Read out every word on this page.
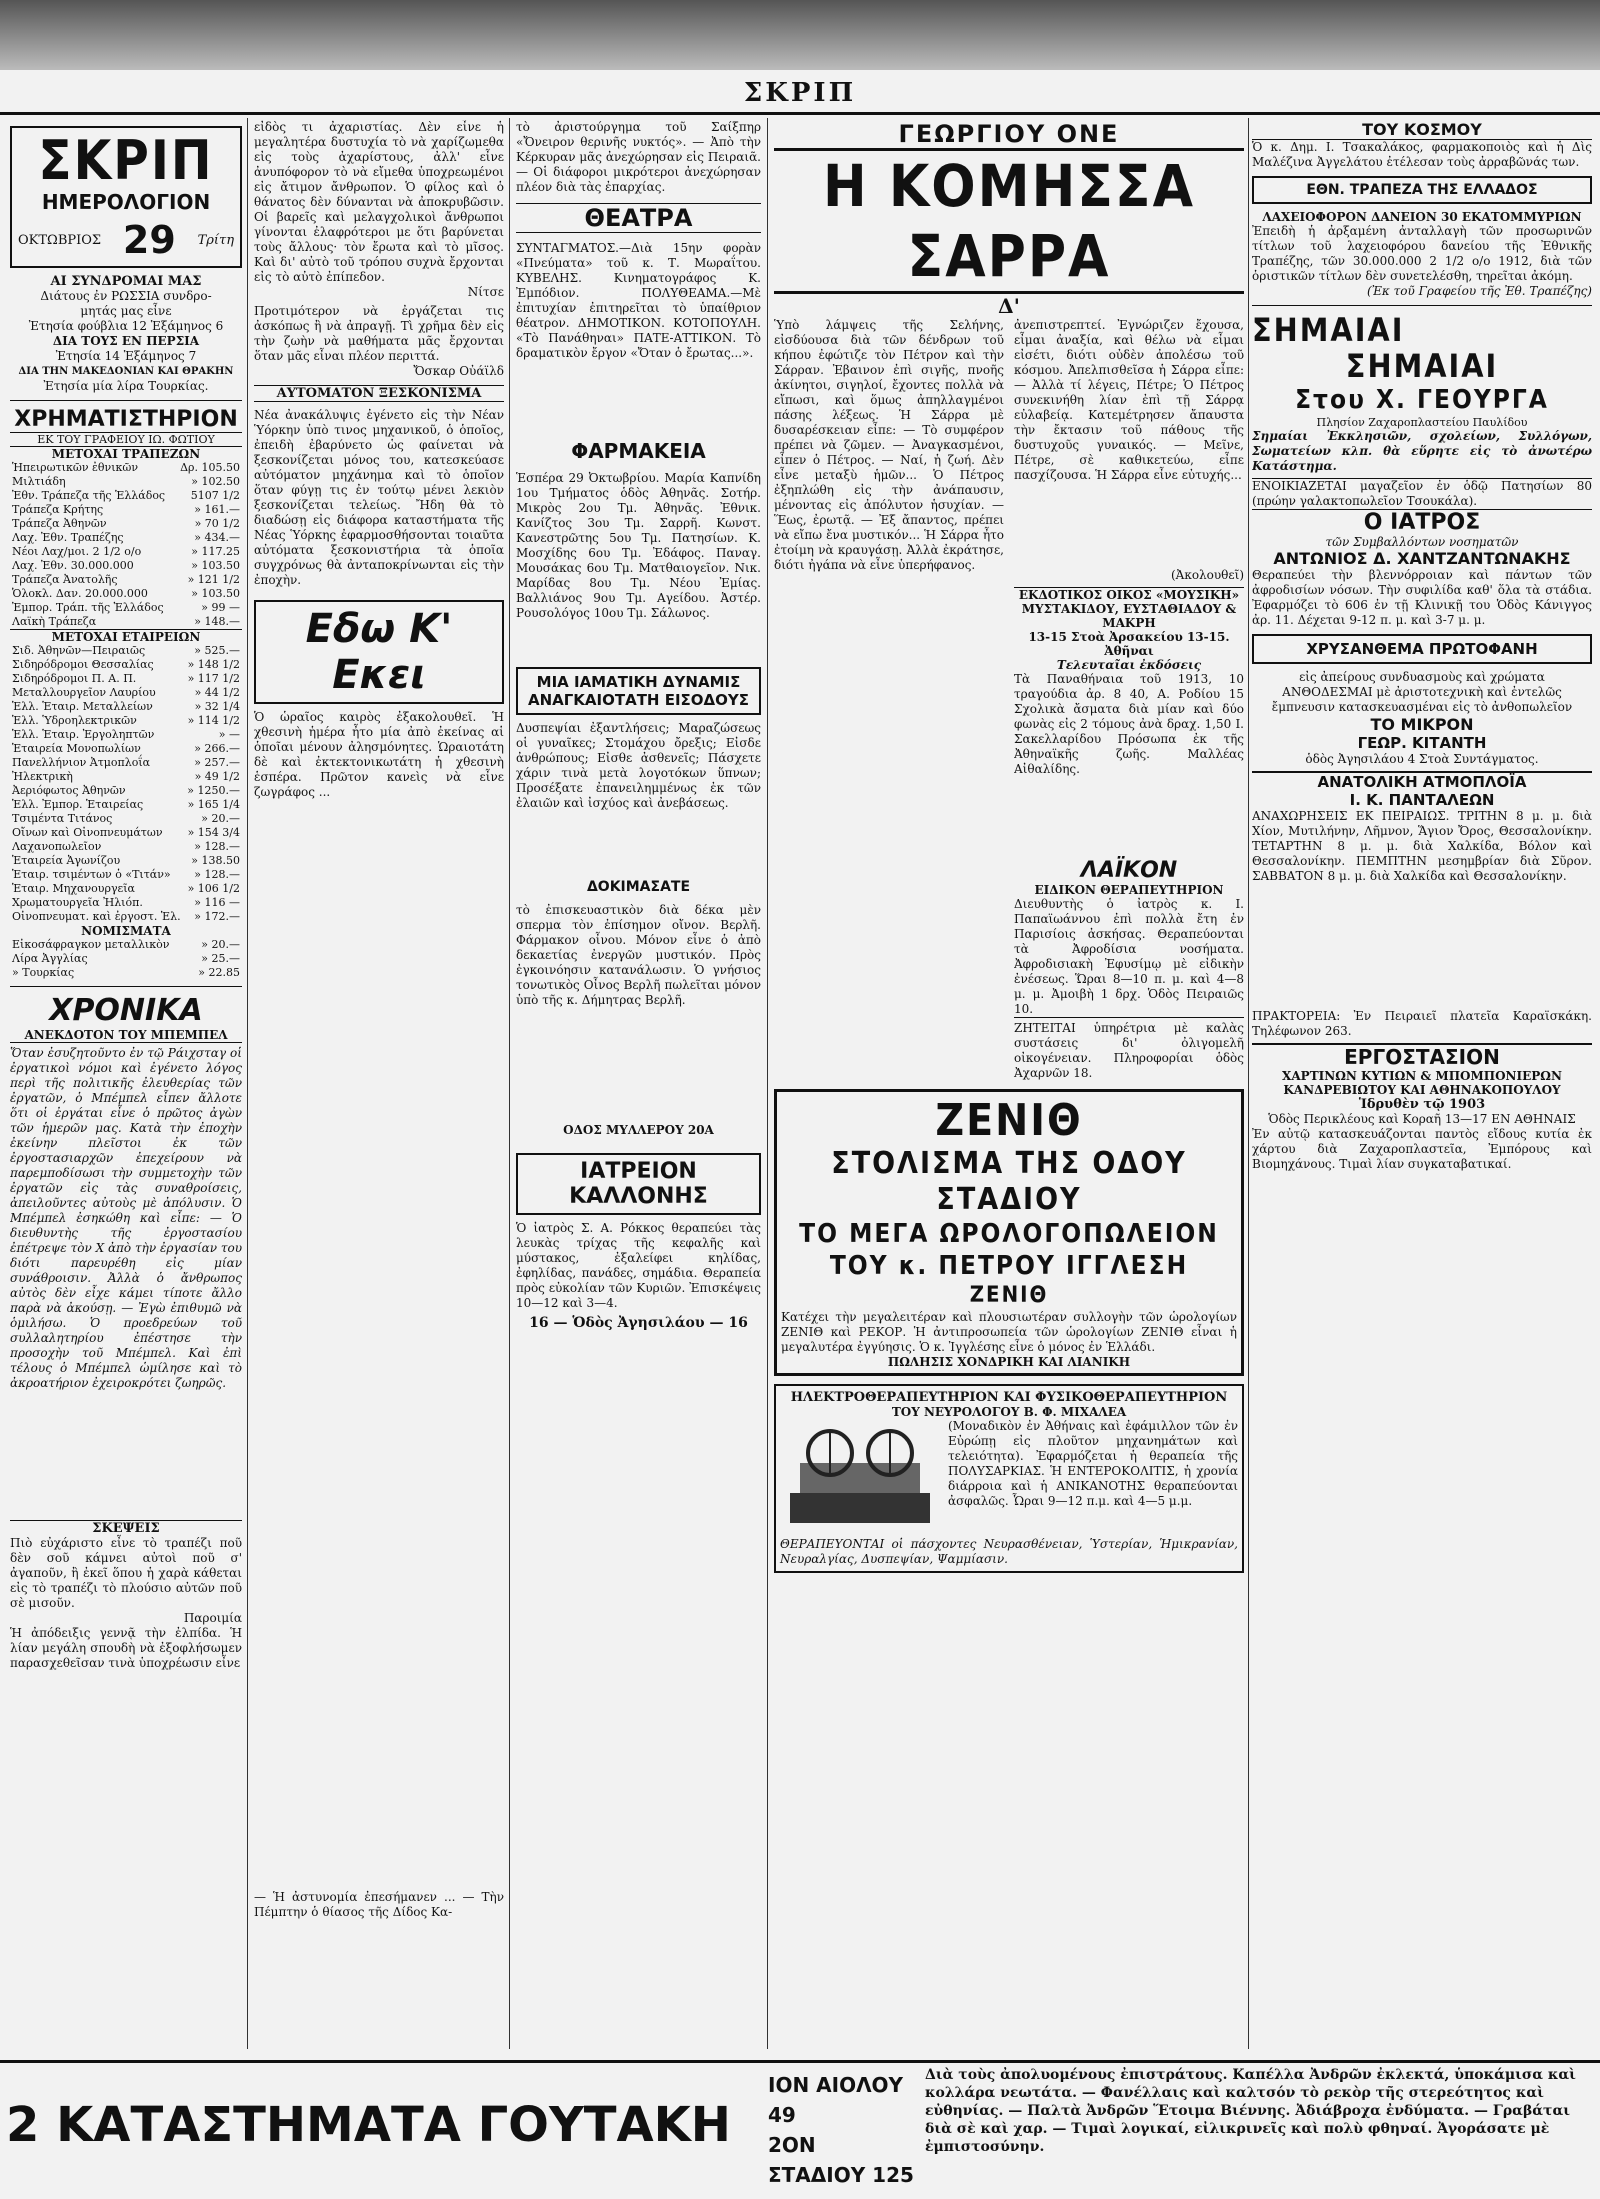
ΣΚΡΙΠ
ΣΚΡΙΠ
ΗΜΕΡΟΛΟΓΙΟΝ
ΟΚΤΩΒΡΙΟΣ 29 Τρίτη
ΑΙ ΣΥΝΔΡΟΜΑΙ ΜΑΣ
Διάτους ἐν ΡΩΣΣΙΑ συνδρο-
μητάς μας εἶνε
Ἐτησία φούβλια 12 Ἑξάμηνος 6
ΔΙΑ ΤΟΥΣ ΕΝ ΠΕΡΣΙΑ
Ἐτησία 14 Ἑξάμηνος 7
ΔΙΑ ΤΗΝ ΜΑΚΕΔΟΝΙΑΝ ΚΑΙ ΘΡΑΚΗΝ
Ἐτησία μία λίρα Τουρκίας.
ΧΡΗΜΑΤΙΣΤΗΡΙΟΝ
ΕΚ ΤΟΥ ΓΡΑΦΕΙΟΥ ΙΩ. ΦΩΤΙΟΥ
ΜΕΤΟΧΑΙ ΤΡΑΠΕΖΩΝ
Ἡπειρωτικῶν ἐθνικῶν	Δρ. 105.50
Μιλτιάδη	» 102.50
Ἐθν. Τράπεζα τῆς Ἑλλάδος	5107 1/2
Τράπεζα Κρήτης	» 161.—
Τράπεζα Ἀθηνῶν	» 70 1/2
Λαχ. Ἐθν. Τραπέζης	» 434.—
Νέοι Λαχ/μοι. 2 1/2 ο/ο	» 117.25
Λαχ. Ἐθν. 30.000.000	» 103.50
Τράπεζα Ἀνατολῆς	» 121 1/2
Ὁλοκλ. Δαν. 20.000.000	» 103.50
Ἐμπορ. Τράπ. τῆς Ἑλλάδος	» 99 —
Λαϊκὴ Τράπεζα	» 148.—
ΜΕΤΟΧΑΙ ΕΤΑΙΡΕΙΩΝ
Σιδ. Ἀθηνῶν—Πειραιῶς	» 525.—
Σιδηρόδρομοι Θεσσαλίας	» 148 1/2
Σιδηρόδρομοι Π. Α. Π.	» 117 1/2
Μεταλλουργεῖον Λαυρίου	» 44 1/2
Ἑλλ. Ἑταιρ. Μεταλλείων	» 32 1/4
Ἑλλ. Ὑδροηλεκτρικῶν	» 114 1/2
Ἑλλ. Ἑταιρ. Ἐργοληπτῶν	» —
Ἑταιρεία Μονοπωλίων	» 266.—
Πανελλήνιον Ἀτμοπλοΐα	» 257.—
Ἠλεκτρικὴ	» 49 1/2
Ἀεριόφωτος Ἀθηνῶν	» 1250.—
Ἑλλ. Ἐμπορ. Ἑταιρείας	» 165 1/4
Τσιμέντα Τιτάνος	» 20.—
Οἴνων καὶ Οἰνοπνευμάτων	» 154 3/4
Λαχανοπωλεῖον	» 128.—
Ἑταιρεία Ἀγωνίζου	» 138.50
Ἑταιρ. τσιμέντων ὁ «Τιτάν»	» 128.—
Ἑταιρ. Μηχανουργεῖα	» 106 1/2
Χρωματουργεῖα Ἠλιόπ.	» 116 —
Οἰνοπνευματ. καὶ ἐργοστ. Ἑλ.	» 172.—
ΝΟΜΙΣΜΑΤΑ
Εἰκοσάφραγκον μεταλλικὸν	» 20.—
Λίρα Ἀγγλίας	» 25.—
» Τουρκίας	» 22.85
ΧΡΟΝΙΚΑ
ΑΝΕΚΔΟΤΟΝ ΤΟΥ ΜΠΕΜΠΕΛ
Ὅταν ἐσυζητοῦντο ἐν τῷ Ράιχσταγ οἱ ἐργατικοὶ νόμοι καὶ ἐγένετο λόγος περὶ τῆς πολιτικῆς ἐλευθερίας τῶν ἐργατῶν, ὁ Μπέμπελ εἶπεν ἄλλοτε ὅτι οἱ ἐργάται εἶνε ὁ πρῶτος ἀγὼν τῶν ἡμερῶν μας. Κατὰ τὴν ἐποχὴν ἐκείνην πλεῖστοι ἐκ τῶν ἐργοστασιαρχῶν ἐπεχείρουν νὰ παρεμποδίσωσι τὴν συμμετοχὴν τῶν ἐργατῶν εἰς τὰς συναθροίσεις, ἀπειλοῦντες αὐτοὺς μὲ ἀπόλυσιν. Ὁ Μπέμπελ ἐσηκώθη καὶ εἶπε: — Ὁ διευθυντὴς τῆς ἐργοστασίου ἐπέτρεψε τὸν Χ ἀπὸ τὴν ἐργασίαν του διότι παρευρέθη εἰς μίαν συνάθροισιν. Ἀλλὰ ὁ ἄνθρωπος αὐτὸς δὲν εἶχε κάμει τίποτε ἄλλο παρὰ νὰ ἀκούσῃ. — Ἐγὼ ἐπιθυμῶ νὰ ὁμιλήσω. Ὁ προεδρεύων τοῦ συλλαλητηρίου ἐπέστησε τὴν προσοχὴν τοῦ Μπέμπελ. Καὶ ἐπὶ τέλους ὁ Μπέμπελ ὡμίλησε καὶ τὸ ἀκροατήριον ἐχειροκρότει ζωηρῶς.
ΣΚΕΨΕΙΣ
Πιὸ εὐχάριστο εἶνε τὸ τραπέζι ποῦ δὲν σοῦ κάμνει αὐτοὶ ποῦ σ' ἀγαποῦν, ἢ ἐκεῖ ὅπου ἡ χαρὰ κάθεται εἰς τὸ τραπέζι τὸ πλούσιο αὐτῶν ποῦ σὲ μισοῦν.
Παροιμία
Ἡ ἀπόδειξις γεννᾷ τὴν ἐλπίδα. Ἡ λίαν μεγάλη σπουδὴ νὰ ἐξοφλήσωμεν παρασχεθεῖσαν τινὰ ὑποχρέωσιν εἶνε
εἰδὸς τι ἀχαριστίας. Δὲν εἶνε ἡ μεγαλητέρα δυστυχία τὸ νὰ χαρίζωμεθα εἰς τοὺς ἀχαρίστους, ἀλλ' εἶνε ἀνυπόφορον τὸ νὰ εἴμεθα ὑποχρεωμένοι εἰς ἄτιμον ἄνθρωπον. Ὁ φίλος καὶ ὁ θάνατος δὲν δύνανται νὰ ἀποκρυβῶσιν. Οἱ βαρεῖς καὶ μελαγχολικοὶ ἄνθρωποι γίνονται ἐλαφρότεροι με ὅτι βαρύνεται τοὺς ἄλλους· τὸν ἔρωτα καὶ τὸ μῖσος. Καὶ δι' αὐτὸ τοῦ τρόπου συχνὰ ἔρχονται εἰς τὸ αὐτὸ ἐπίπεδον.
Νίτσε
Προτιμότερον νὰ ἐργάζεται τις ἀσκόπως ἢ νὰ ἀπραγῇ. Τὶ χρῆμα δὲν εἰς τὴν ζωὴν νὰ μαθήματα μᾶς ἔρχονται ὅταν μᾶς εἶναι πλέον περιττά.
Ὄσκαρ Οὐάϊλδ
ΑΥΤΟΜΑΤΟΝ ΞΕΣΚΟΝΙΣΜΑ
Νέα ἀνακάλυψις ἐγένετο εἰς τὴν Νέαν Ὑόρκην ὑπὸ τινος μηχανικοῦ, ὁ ὁποῖος, ἐπειδὴ ἐβαρύνετο ὡς φαίνεται νὰ ξεσκονίζεται μόνος του, κατεσκεύασε αὐτόματον μηχάνημα καὶ τὸ ὁποῖον ὅταν φύγῃ τις ἐν τούτῳ μένει λεκιὸν ξεσκονίζεται τελείως. Ἤδη θὰ τὸ διαδώσῃ εἰς διάφορα καταστήματα τῆς Νέας Ὑόρκης ἐφαρμοσθήσονται τοιαῦτα αὐτόματα ξεσκονιστήρια τὰ ὁποῖα συγχρόνως θὰ ἀνταποκρίνωνται εἰς τὴν ἐποχὴν.
Εδω Κ' Εκει
Ὁ ὡραῖος καιρὸς ἐξακολουθεῖ. Ἡ χθεσινὴ ἡμέρα ἦτο μία ἀπὸ ἐκείνας αἱ ὁποῖαι μένουν ἀλησμόνητες. Ὡραιοτάτη δὲ καὶ ἐκτεκτονικωτάτη ἡ χθεσινὴ ἑσπέρα. Πρῶτον κανεὶς νὰ εἶνε ζωγράφος ...
— Ἡ ἀστυνομία ἐπεσήμανεν ... — Τὴν Πέμπτην ὁ θίασος τῆς Δίδος Κα-
τὸ ἀριστούργημα τοῦ Σαίξπηρ «Ὄνειρον θερινῆς νυκτός». — Ἀπὸ τὴν Κέρκυραν μᾶς ἀνεχώρησαν εἰς Πειραιᾶ. — Οἱ διάφοροι μικρότεροι ἀνεχώρησαν πλέον διὰ τὰς ἐπαρχίας.
ΘΕΑΤΡΑ
ΣΥΝΤΑΓΜΑΤΟΣ.—Διὰ 15ην φορὰν «Πνεύματα» τοῦ κ. Τ. Μωραΐτου. ΚΥΒΕΛΗΣ. Κινηματογράφος Κ. Ἐμπόδιον. ΠΟΛΥΘΕΑΜΑ.—Μὲ ἐπιτυχίαν ἐπιτηρεῖται τὸ ὑπαίθριον θέατρον. ΔΗΜΟΤΙΚΟΝ. ΚΟΤΟΠΟΥΛΗ. «Τὸ Πανάθηναι» ΠΑΤΕ-ΑΤΤΙΚΟΝ. Τὸ δραματικὸν ἔργον «Ὄταν ὁ ἔρωτας...».
ΦΑΡΜΑΚΕΙΑ
Ἑσπέρα 29 Ὀκτωβρίου. Μαρία Καπνίδη 1ου Τμήματος ὁδὸς Ἀθηνᾶς. Σοτήρ. Μικρὸς 2ου Τμ. Ἀθηνᾶς. Ἐθνικ. Κανίζτος 3ου Τμ. Σαρρῆ. Κωνστ. Κανεστρῶτης 5ου Τμ. Πατησίων. Κ. Μοσχίδης 6ου Τμ. Ἐδάφος. Παναγ. Μουσάκας 6ου Τμ. Ματθαιογεῖον. Νικ. Μαρίδας 8ου Τμ. Νέου Ἐμίας. Βαλλιάνος 9ου Τμ. Αγείδου. Ἀστέρ. Ρουσολόγος 10ου Τμ. Σάλωνος.
ΜΙΑ ΙΑΜΑΤΙΚΗ ΔΥΝΑΜΙΣ ΑΝΑΓΚΑΙΟΤΑΤΗ ΕΙΣΟΔΟΥΣ
Δυσπεψίαι ἐξαντλήσεις; Μαραζώσεως οἱ γυναῖκες; Στομάχου ὄρεξις; Εἰσδε ἀνθρώπους; Εἰσθε ἀσθενεῖς; Πάσχετε χάριν τινὰ μετὰ λογοτόκων ὕπνων; Προσέξατε ἐπανειλημμένως ἐκ τῶν ἐλαιῶν καὶ ἰσχύος καὶ ἀνεβάσεως.
ΔΟΚΙΜΑΣΑΤΕ
τὸ ἐπισκευαστικὸν διὰ δέκα μὲν σπερμα τὸν ἐπίσημον οἴνον. Βερλῆ. Φάρμακον οἶνου. Μόνον εἶνε ὁ ἀπὸ δεκαετίας ἐνεργῶν μυστικόν. Πρὸς ἐγκοινόησιν κατανάλωσιν. Ὁ γνήσιος τονωτικὸς Οἶνος Βερλῆ πωλεῖται μόνον ὑπὸ τῆς κ. Δήμητρας Βερλῆ.
ΟΔΟΣ ΜΥΛΛΕΡΟΥ 20Α
ΙΑΤΡΕΙΟΝ ΚΑΛΛΟΝΗΣ
Ὁ ἰατρὸς Σ. Α. Ρόκκος θεραπεύει τὰς λευκὰς τρίχας τῆς κεφαλῆς καὶ μύστακος, ἐξαλείφει κηλίδας, ἐφηλίδας, πανάδες, σημάδια. Θεραπεία πρὸς εὐκολίαν τῶν Κυριῶν. Ἐπισκέψεις 10—12 καὶ 3—4.
16 — Ὁδὸς Ἀγησιλάου — 16
ΓΕΩΡΓΙΟΥ ΟΝΕ
Η ΚΟΜΗΣΣΑ ΣΑΡΡΑ
Δ'
Ὑπὸ λάμψεις τῆς Σελήνης, εἰσδύουσα διὰ τῶν δένδρων τοῦ κήπου ἐφώτιζε τὸν Πέτρον καὶ τὴν Σάρραν. Ἐβαινον ἐπὶ σιγῆς, πνοῆς ἀκίνητοι, σιγηλοί, ἔχοντες πολλὰ νὰ εἴπωσι, καὶ ὅμως ἀπηλλαγμένοι πάσης λέξεως. Ἡ Σάρρα μὲ δυσαρέσκειαν εἶπε: — Τὸ συμφέρον πρέπει νὰ ζῶμεν. — Ἀναγκασμένοι, εἶπεν ὁ Πέτρος. — Ναί, ἡ ζωή. Δὲν εἶνε μεταξὺ ἡμῶν... Ὁ Πέτρος ἐξηπλώθη εἰς τὴν ἀνάπαυσιν, μένοντας εἰς ἀπόλυτον ἡσυχίαν. — Ἕως, ἐρωτᾷ. — Ἐξ ἄπαντος, πρέπει νὰ εἴπω ἔνα μυστικόν... Ἡ Σάρρα ἦτο ἐτοίμη νὰ κραυγάσῃ. Ἀλλὰ ἐκράτησε, διότι ἠγάπα νὰ εἶνε ὑπερήφανος.
ἀνεπιστρεπτεί. Ἐγνώριζεν ἔχουσα, εἶμαι ἀναξία, καὶ θέλω νὰ εἶμαι εἰσέτι, διότι οὐδὲν ἀπολέσω τοῦ κόσμου. Ἀπελπισθεῖσα ἡ Σάρρα εἶπε: — Ἀλλὰ τί λέγεις, Πέτρε; Ὁ Πέτρος συνεκινήθη λίαν ἐπὶ τῇ Σάρρᾳ εὐλαβείᾳ. Κατεμέτρησεν ἄπαυστα τὴν ἔκτασιν τοῦ πάθους τῆς δυστυχοῦς γυναικός. — Μεῖνε, Πέτρε, σὲ καθικετεύω, εἶπε πασχίζουσα. Ἡ Σάρρα εἶνε εὐτυχής...
(Ἀκολουθεῖ)
ΕΚΔΟΤΙΚΟΣ ΟΙΚΟΣ «ΜΟΥΣΙΚΗ» ΜΥΣΤΑΚΙΔΟΥ, ΕΥΣΤΑΘΙΑΔΟΥ & ΜΑΚΡΗ
13-15 Στοὰ Ἀρσακείου 13-15. Ἀθῆναι
Τελευταῖαι ἐκδόσεις
Τὰ Παναθήναια τοῦ 1913, 10 τραγούδια ἀρ. 8 40, Α. Ροδίου 15 Σχολικὰ ἄσματα διὰ μίαν καὶ δύο φωνὰς εἰς 2 τόμους ἀνὰ δραχ. 1,50 Ι. Σακελλαρίδου Πρόσωπα ἐκ τῆς Ἀθηναϊκῆς ζωῆς. Μαλλέας Αἰθαλίδης.
ΛΑΪΚΟΝ
ΕΙΔΙΚΟΝ ΘΕΡΑΠΕΥΤΗΡΙΟΝ
Διευθυντὴς ὁ ἰατρὸς κ. Ι. Παπαϊωάννου ἐπὶ πολλὰ ἔτη ἐν Παρισίοις ἀσκήσας. Θεραπεύονται τὰ Ἀφροδίσια νοσήματα. Ἀφροδισιακὴ Ἐφυσίμῳ μὲ εἰδικὴν ἐνέσεως. Ὥραι 8—10 π. μ. καὶ 4—8 μ. μ. Ἀμοιβὴ 1 δρχ. Ὁδὸς Πειραιῶς 10.
ΖΗΤΕΙΤΑΙ ὑπηρέτρια μὲ καλὰς συστάσεις δι' ὀλιγομελῆ οἰκογένειαν. Πληροφορίαι ὁδὸς Ἀχαρνῶν 18.
ΖΕΝΙΘ
ΣΤΟΛΙΣΜΑ ΤΗΣ ΟΔΟΥ ΣΤΑΔΙΟΥ
ΤΟ ΜΕΓΑ ΩΡΟΛΟΓΟΠΩΛΕΙΟΝ
ΤΟΥ κ. ΠΕΤΡΟΥ ΙΓΓΛΕΣΗ
ΖΕΝΙΘ
Κατέχει τὴν μεγαλειτέραν καὶ πλουσιωτέραν συλλογὴν τῶν ὡρολογίων ΖΕΝΙΘ καὶ ΡΕΚΟΡ. Ἡ ἀντιπροσωπεία τῶν ὡρολογίων ΖΕΝΙΘ εἶναι ἡ μεγαλυτέρα ἐγγύησις. Ὁ κ. Ἰγγλέσης εἶνε ὁ μόνος ἐν Ἑλλάδι.
ΠΩΛΗΣΙΣ ΧΟΝΔΡΙΚΗ ΚΑΙ ΛΙΑΝΙΚΗ
ΗΛΕΚΤΡΟΘΕΡΑΠΕΥΤΗΡΙΟΝ ΚΑΙ ΦΥΣΙΚΟΘΕΡΑΠΕΥΤΗΡΙΟΝ
ΤΟΥ ΝΕΥΡΟΛΟΓΟΥ Β. Φ. ΜΙΧΑΛΕΑ
(Μοναδικὸν ἐν Ἀθήναις καὶ ἐφάμιλλον τῶν ἐν Εὐρώπῃ εἰς πλοῦτον μηχανημάτων καὶ τελειότητα). Ἐφαρμόζεται ἡ θεραπεία τῆς ΠΟΛΥΣΑΡΚΙΑΣ. Ἡ ΕΝΤΕΡΟΚΟΛΙΤΙΣ, ἡ χρονία διάρροια καὶ ἡ ΑΝΙΚΑΝΟΤΗΣ θεραπεύονται ἀσφαλῶς. Ὧραι 9—12 π.μ. καὶ 4—5 μ.μ.
ΘΕΡΑΠΕΥΟΝΤΑΙ οἱ πάσχοντες Νευρασθένειαν, Ὑστερίαν, Ἡμικρανίαν, Νευραλγίας, Δυσπεψίαν, Ψαμμίασιν.
ΤΟΥ ΚΟΣΜΟΥ
Ὁ κ. Δημ. Ι. Τσακαλάκος, φαρμακοποιὸς καὶ ἡ Δὶς Μαλέζινα Ἀγγελάτου ἐτέλεσαν τοὺς ἀρραβῶνάς των.
ΕΘΝ. ΤΡΑΠΕΖΑ ΤΗΣ ΕΛΛΑΔΟΣ
ΛΑΧΕΙΟΦΟΡΟΝ ΔΑΝΕΙΟΝ 30 ΕΚΑΤΟΜΜΥΡΙΩΝ
Ἐπειδὴ ἡ ἀρξαμένη ἀνταλλαγὴ τῶν προσωρινῶν τίτλων τοῦ λαχειοφόρου δανείου τῆς Ἐθνικῆς Τραπέζης, τῶν 30.000.000 2 1/2 ο/ο 1912, διὰ τῶν ὁριστικῶν τίτλων δὲν συνετελέσθη, τηρεῖται ἀκόμη.
(Ἐκ τοῦ Γραφείου τῆς Ἐθ. Τραπέζης)
ΣΗΜΑΙΑΙ
ΣΗΜΑΙΑΙ
Στου Χ. ΓΕΟΥΡΓΑ
Πλησίον Ζαχαροπλαστείου Παυλίδου
Σημαίαι Ἐκκλησιῶν, σχολείων, Συλλόγων, Σωματείων κλπ. θὰ εὕρητε εἰς τὸ ἀνωτέρω Κατάστημα.
ΕΝΟΙΚΙΑΖΕΤΑΙ μαγαζεῖον ἐν ὁδῷ Πατησίων 80 (πρώην γαλακτοπωλεῖον Τσουκάλα).
Ο ΙΑΤΡΟΣ
τῶν Συμβαλλόντων νοσηματῶν
ΑΝΤΩΝΙΟΣ Δ. ΧΑΝΤΖΑΝΤΩΝΑΚΗΣ
Θεραπεύει τὴν βλεννόρροιαν καὶ πάντων τῶν ἀφροδισίων νόσων. Τὴν συφιλίδα καθ' ὅλα τὰ στάδια. Ἐφαρμόζει τὸ 606 ἐν τῇ Κλινικῇ του Ὁδὸς Κάνιγγος ἀρ. 11. Δέχεται 9-12 π. μ. καὶ 3-7 μ. μ.
ΧΡΥΣΑΝΘΕΜΑ ΠΡΩΤΟΦΑΝΗ
εἰς ἀπείρους συνδυασμοὺς καὶ χρώματα ΑΝΘΟΔΕΣΜΑΙ μὲ ἀριστοτεχνικὴ καὶ ἐντελῶς ἔμπνευσιν κατασκευασμέναι εἰς τὸ ἀνθοπωλεῖον
ΤΟ ΜΙΚΡΟΝ
ΓΕΩΡ. ΚΙΤΑΝΤΗ
ὁδὸς Ἀγησιλάου 4 Στοὰ Συντάγματος.
ΑΝΑΤΟΛΙΚΗ ΑΤΜΟΠΛΟΪΑ
Ι. Κ. ΠΑΝΤΑΛΕΩΝ
ΑΝΑΧΩΡΗΣΕΙΣ ΕΚ ΠΕΙΡΑΙΩΣ. ΤΡΙΤΗΝ 8 μ. μ. διὰ Χίον, Μυτιλήνην, Λῆμνον, Ἅγιον Ὄρος, Θεσσαλονίκην. ΤΕΤΑΡΤΗΝ 8 μ. μ. διὰ Χαλκίδα, Βόλον καὶ Θεσσαλονίκην. ΠΕΜΠΤΗΝ μεσημβρίαν διὰ Σῦρον. ΣΑΒΒΑΤΟΝ 8 μ. μ. διὰ Χαλκίδα καὶ Θεσσαλονίκην.
ΠΡΑΚΤΟΡΕΙΑ: Ἐν Πειραιεῖ πλατεῖα Καραϊσκάκη. Τηλέφωνον 263.
ΕΡΓΟΣΤΑΣΙΟΝ
ΧΑΡΤΙΝΩΝ ΚΥΤΙΩΝ & ΜΠΟΜΠΟΝΙΕΡΩΝ
ΚΑΝΔΡΕΒΙΩΤΟΥ ΚΑΙ ΑΘΗΝΑΚΟΠΟΥΛΟΥ
Ἱδρυθὲν τῷ 1903
Ὁδὸς Περικλέους καὶ Κοραῆ 13—17 ΕΝ ΑΘΗΝΑΙΣ
Ἐν αὐτῷ κατασκευάζονται παντὸς εἴδους κυτία ἐκ χάρτου διὰ Ζαχαροπλαστεῖα, Ἐμπόρους καὶ Βιομηχάνους. Τιμαὶ λίαν συγκαταβατικαί.
2 ΚΑΤΑΣΤΗΜΑΤΑ ΓΟΥΤΑΚΗ
ΙΟΝ ΑΙΟΛΟΥ 49
2ΟΝ ΣΤΑΔΙΟΥ 125
Διὰ τοὺς ἀπολυομένους ἐπιστράτους. Καπέλλα Ἀνδρῶν ἐκλεκτά, ὑποκάμισα καὶ κολλάρα νεωτάτα. — Φανέλλαις καὶ καλτσόν τὸ ρεκὸρ τῆς στερεότητος καὶ εὐθηνίας. — Παλτὰ Ἀνδρῶν Ἕτοιμα Βιέννης. Ἀδιάβροχα ἐνδύματα. — Γραβάται διὰ σὲ καὶ χαρ. — Τιμαὶ λογικαί, εἰλικρινεῖς καὶ πολὺ φθηναί. Ἀγοράσατε μὲ ἐμπιστοσύνην.
